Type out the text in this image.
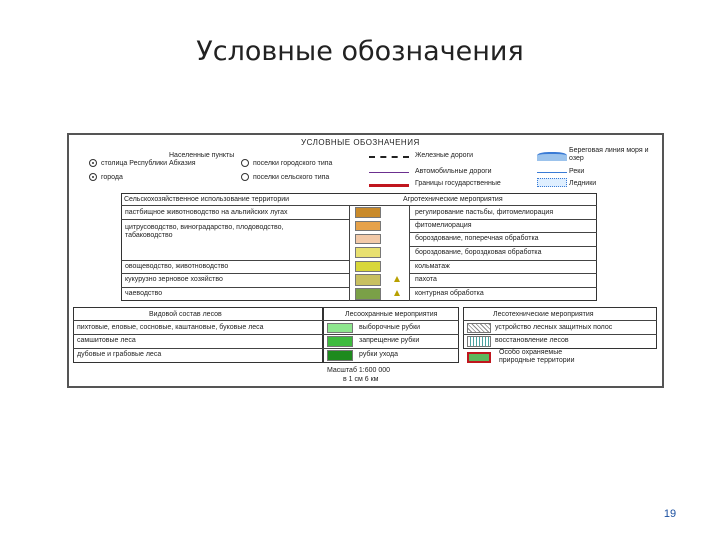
Условные обозначения
УСЛОВНЫЕ ОБОЗНАЧЕНИЯ
Населенные пункты
столица Республики Абхазия
города
поселки городского типа
поселки сельского типа
Железные дороги
Автомобильные дороги
Границы государственные
Береговая линия моря и озер
Реки
Ледники
Сельскохозяйственное использование территории	Агротехнические мероприятия
пастбищное животноводство на альпийских лугах
цитрусоводство, виноградарство, плодоводство, табаководство
овощеводство, животноводство
кукурузно зерновое хозяйство
чаеводство
регулирование пастьбы, фитомелиорация
фитомелиорация
бороздование, поперечная обработка
бороздование, бороздковая обработка
кольматаж
пахота
контурная обработка
Видовой состав лесов
пихтовые, еловые, сосновые, каштановые, буковые леса
самшитовые леса
дубовые и грабовые леса
Лесоохранные мероприятия
выборочные рубки
запрещение рубки
рубки ухода
Лесотехнические мероприятия
устройство лесных защитных полос
восстановление лесов
Особо охраняемые природные территории
Масштаб 1:600 000
в 1 см 6 км
19
